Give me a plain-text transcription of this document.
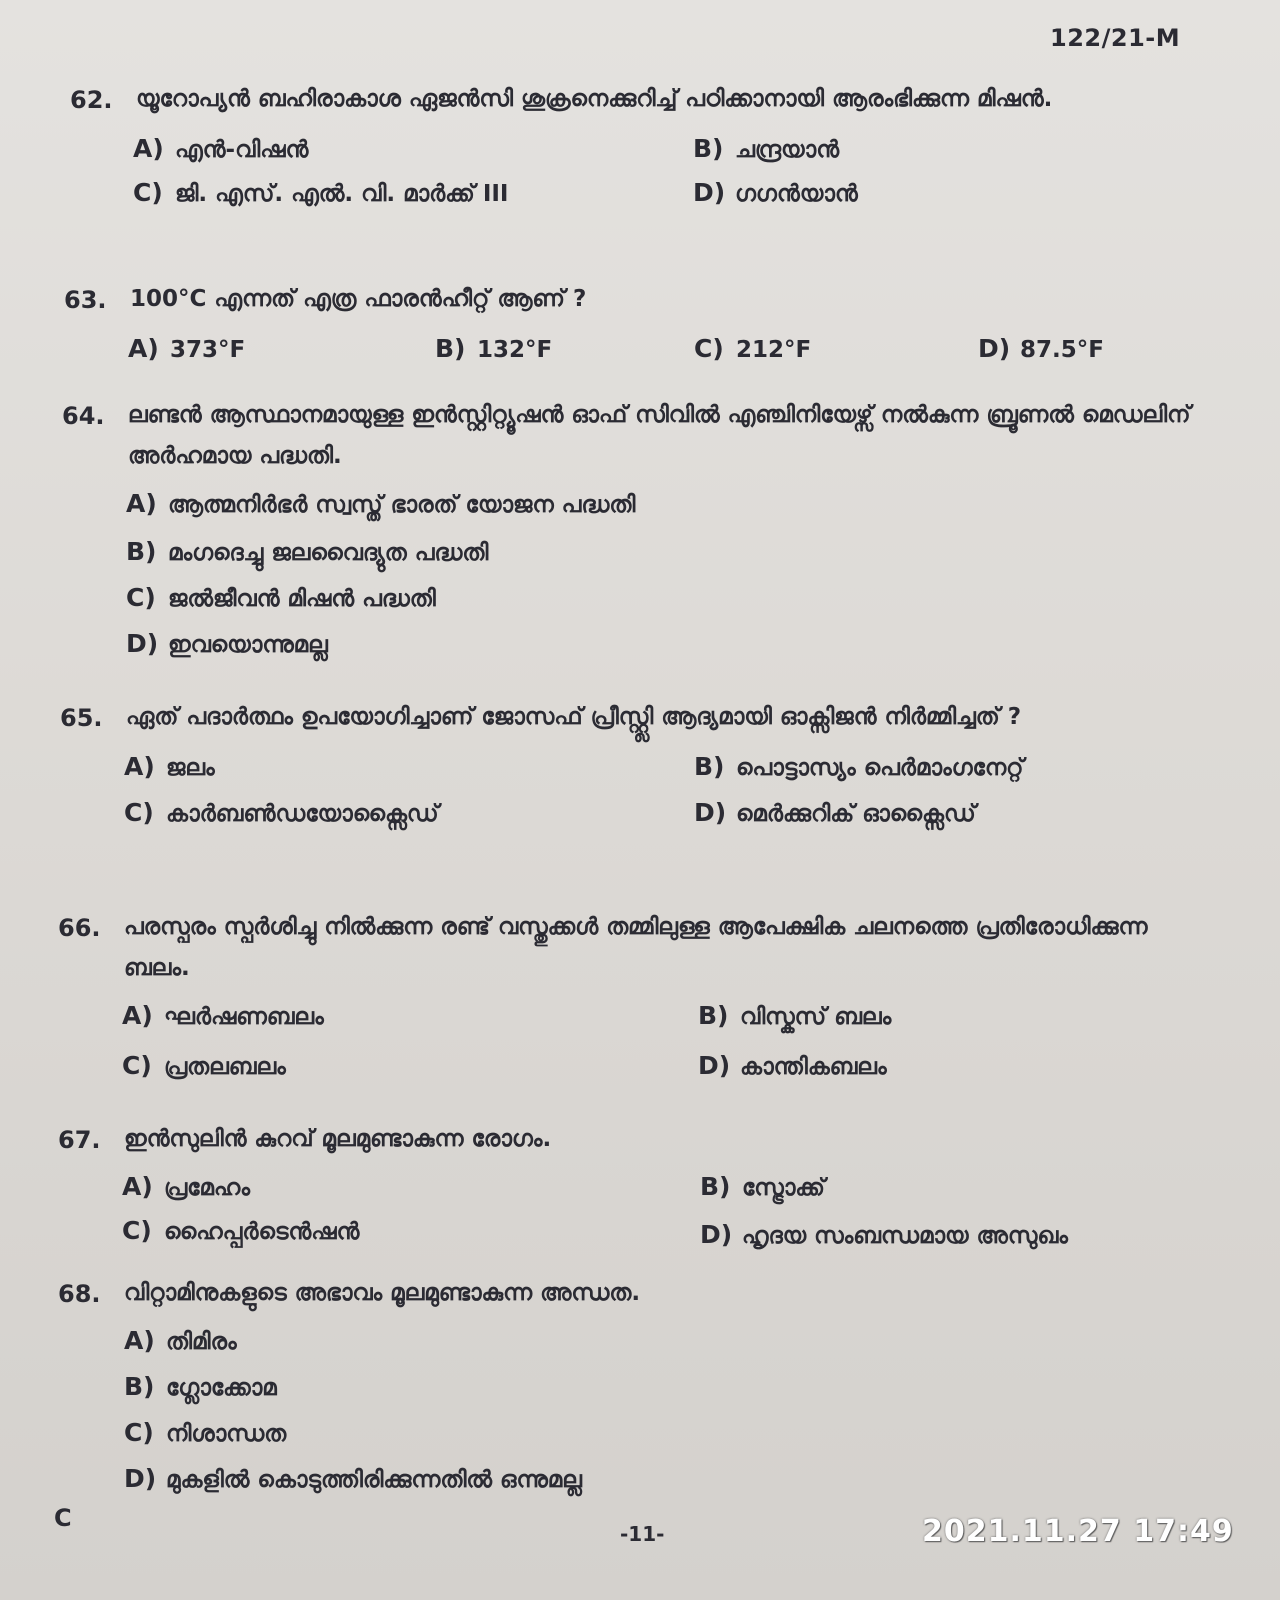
122/21-M
62.	യൂറോപ്യൻ ബഹിരാകാശ ഏജൻസി ശുക്രനെക്കുറിച്ച് പഠിക്കാനായി ആരംഭിക്കുന്ന മിഷൻ.
A) എൻ-വിഷൻ	B) ചന്ദ്രയാൻ
C) ജി. എസ്. എൽ. വി. മാർക്ക് III	D) ഗഗൻയാൻ
63.	100°C എന്നത് എത്ര ഫാരൻഹീറ്റ് ആണ് ?
A) 373°F	B) 132°F	C) 212°F	D) 87.5°F
64.	ലണ്ടൻ ആസ്ഥാനമായുള്ള ഇൻസ്റ്റിറ്റ്യൂഷൻ ഓഫ് സിവിൽ എഞ്ചിനിയേഴ്സ് നൽകുന്ന ബ്രൂണൽ മെഡലിന് അർഹമായ പദ്ധതി.
A) ആത്മനിർഭർ സ്വസ്ത് ഭാരത് യോജന പദ്ധതി
B) മംഗദെച്ചു ജലവൈദ്യുത പദ്ധതി
C) ജൽജീവൻ മിഷൻ പദ്ധതി
D) ഇവയൊന്നുമല്ല
65.	ഏത് പദാർത്ഥം ഉപയോഗിച്ചാണ് ജോസഫ് പ്രീസ്റ്റ്ലി ആദ്യമായി ഓക്സിജൻ നിർമ്മിച്ചത് ?
A) ജലം	B) പൊട്ടാസ്യം പെർമാംഗനേറ്റ്
C) കാർബൺഡയോക്സൈഡ്	D) മെർക്കുറിക് ഓക്സൈഡ്
66.	പരസ്പരം സ്പർശിച്ചു നിൽക്കുന്ന രണ്ട് വസ്തുക്കൾ തമ്മിലുള്ള ആപേക്ഷിക ചലനത്തെ പ്രതിരോധിക്കുന്ന ബലം.
A) ഘർഷണബലം	B) വിസ്കസ് ബലം
C) പ്രതലബലം	D) കാന്തികബലം
67.	ഇൻസുലിൻ കുറവ് മൂലമുണ്ടാകുന്ന രോഗം.
A) പ്രമേഹം	B) സ്ട്രോക്ക്
C) ഹൈപ്പർടെൻഷൻ	D) ഹൃദയ സംബന്ധമായ അസുഖം
68.	വിറ്റാമിനുകളുടെ അഭാവം മൂലമുണ്ടാകുന്ന അന്ധത.
A) തിമിരം
B) ഗ്ലോക്കോമ
C) നിശാന്ധത
D) മുകളിൽ കൊടുത്തിരിക്കുന്നതിൽ ഒന്നുമല്ല
C
-11-	2021.11.27 17:49
